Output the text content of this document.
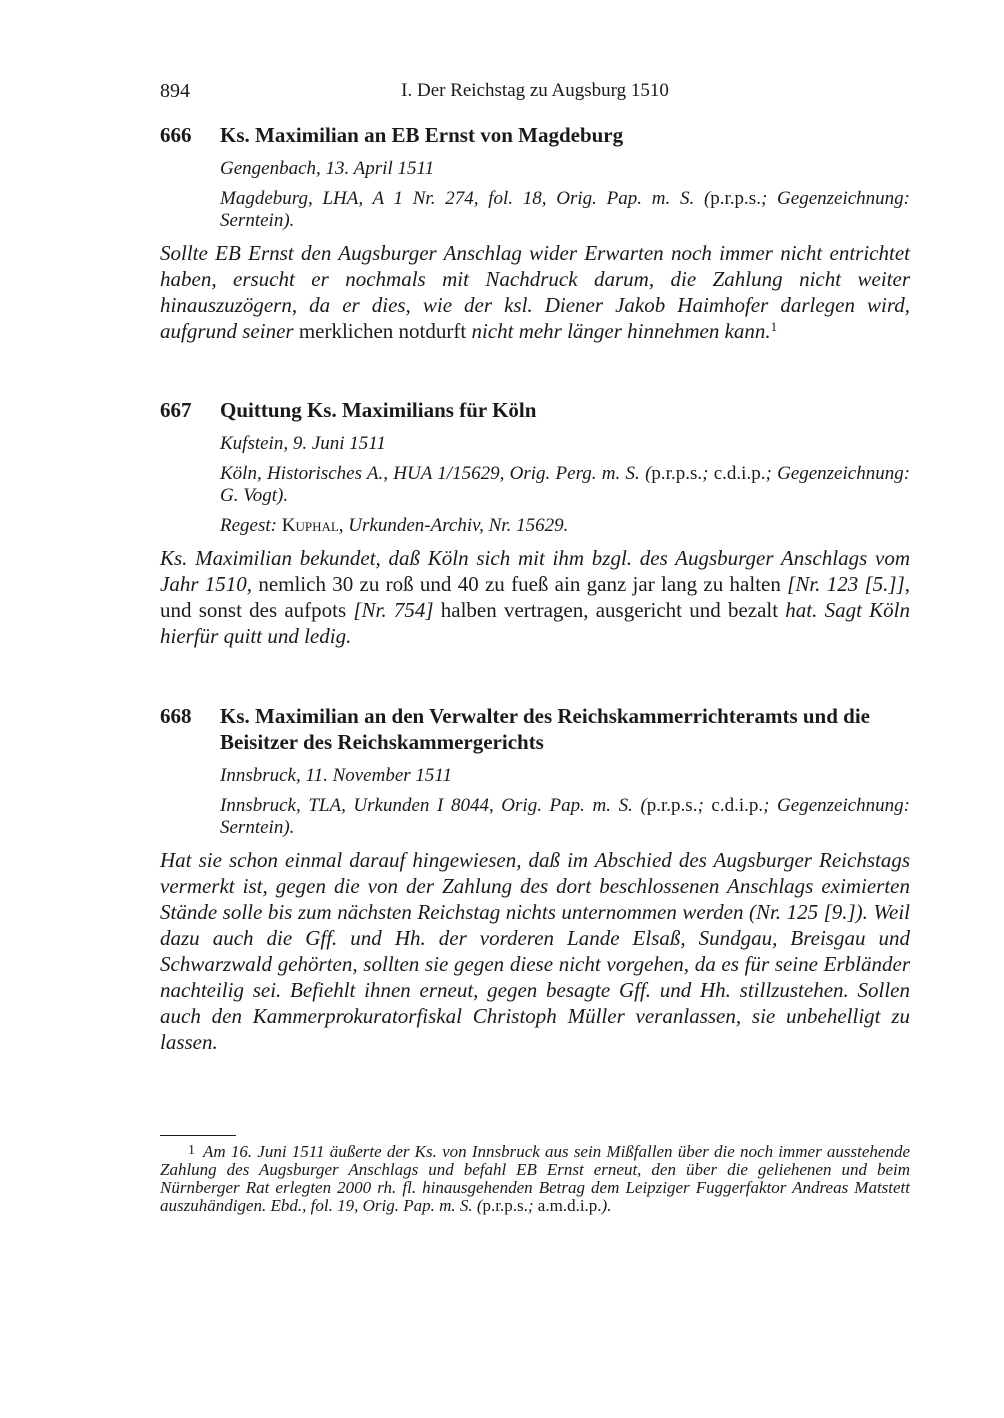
894	I. Der Reichstag zu Augsburg 1510
666	Ks. Maximilian an EB Ernst von Magdeburg
Gengenbach, 13. April 1511
Magdeburg, LHA, A 1 Nr. 274, fol. 18, Orig. Pap. m. S. (p.r.p.s.; Gegenzeichnung: Serntein).
Sollte EB Ernst den Augsburger Anschlag wider Erwarten noch immer nicht entrichtet haben, ersucht er nochmals mit Nachdruck darum, die Zahlung nicht weiter hinauszuzögern, da er dies, wie der ksl. Diener Jakob Haimhofer darlegen wird, aufgrund seiner merklichen notdurft nicht mehr länger hinnehmen kann.$^1$
667	Quittung Ks. Maximilians für Köln
Kufstein, 9. Juni 1511
Köln, Historisches A., HUA 1/15629, Orig. Perg. m. S. (p.r.p.s.; c.d.i.p.; Gegenzeichnung: G. Vogt).
Regest: Kuphal, Urkunden-Archiv, Nr. 15629.
Ks. Maximilian bekundet, daß Köln sich mit ihm bzgl. des Augsburger Anschlags vom Jahr 1510, nemlich 30 zu roß und 40 zu fueß ain ganz jar lang zu halten [Nr. 123 [5.]], und sonst des aufpots [Nr. 754] halben vertragen, ausgericht und bezalt hat. Sagt Köln hierfür quitt und ledig.
668	Ks. Maximilian an den Verwalter des Reichskammerrichteramts und die Beisitzer des Reichskammergerichts
Innsbruck, 11. November 1511
Innsbruck, TLA, Urkunden I 8044, Orig. Pap. m. S. (p.r.p.s.; c.d.i.p.; Gegenzeichnung: Serntein).
Hat sie schon einmal darauf hingewiesen, daß im Abschied des Augsburger Reichstags vermerkt ist, gegen die von der Zahlung des dort beschlossenen Anschlags eximierten Stände solle bis zum nächsten Reichstag nichts unternommen werden (Nr. 125 [9.]). Weil dazu auch die Gff. und Hh. der vorderen Lande Elsaß, Sundgau, Breisgau und Schwarzwald gehörten, sollten sie gegen diese nicht vorgehen, da es für seine Erbländer nachteilig sei. Befiehlt ihnen erneut, gegen besagte Gff. und Hh. stillzustehen. Sollen auch den Kammerprokuratorfiskal Christoph Müller veranlassen, sie unbehelligt zu lassen.
1 Am 16. Juni 1511 äußerte der Ks. von Innsbruck aus sein Mißfallen über die noch immer ausstehende Zahlung des Augsburger Anschlags und befahl EB Ernst erneut, den über die geliehenen und beim Nürnberger Rat erlegten 2000 rh. fl. hinausgehenden Betrag dem Leipziger Fuggerfaktor Andreas Matstett auszuhändigen. Ebd., fol. 19, Orig. Pap. m. S. (p.r.p.s.; a.m.d.i.p.).
